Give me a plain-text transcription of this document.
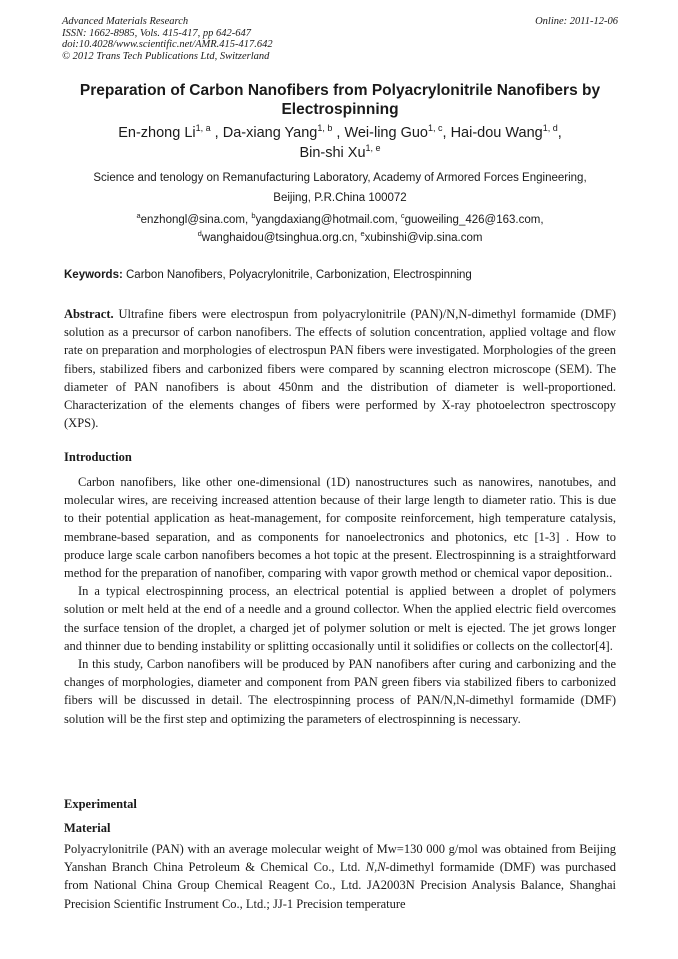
Advanced Materials Research
ISSN: 1662-8985, Vols. 415-417, pp 642-647
doi:10.4028/www.scientific.net/AMR.415-417.642
© 2012 Trans Tech Publications Ltd, Switzerland
Online: 2011-12-06
Preparation of Carbon Nanofibers from Polyacrylonitrile Nanofibers by Electrospinning
En-zhong Li$^{1, a}$ , Da-xiang Yang$^{1, b}$ , Wei-ling Guo$^{1, c}$, Hai-dou Wang$^{1, d}$,
Bin-shi Xu$^{1, e}$
Science and tenology on Remanufacturing Laboratory, Academy of Armored Forces Engineering,
Beijing, P.R.China 100072
$^a$enzhongl@sina.com, $^b$yangdaxiang@hotmail.com, $^c$guoweiling_426@163.com,
$^d$wanghaidou@tsinghua.org.cn, $^e$xubinshi@vip.sina.com
Keywords: Carbon Nanofibers, Polyacrylonitrile, Carbonization, Electrospinning
Abstract. Ultrafine fibers were electrospun from polyacrylonitrile (PAN)/N,N-dimethyl formamide (DMF) solution as a precursor of carbon nanofibers. The effects of solution concentration, applied voltage and flow rate on preparation and morphologies of electrospun PAN fibers were investigated. Morphologies of the green fibers, stabilized fibers and carbonized fibers were compared by scanning electron microscope (SEM). The diameter of PAN nanofibers is about 450nm and the distribution of diameter is well-proportioned. Characterization of the elements changes of fibers were performed by X-ray photoelectron spectroscopy (XPS).
Introduction

Carbon nanofibers, like other one-dimensional (1D) nanostructures such as nanowires, nanotubes, and molecular wires, are receiving increased attention because of their large length to diameter ratio. This is due to their potential application as heat-management, for composite reinforcement, high temperature catalysis, membrane-based separation, and as components for nanoelectronics and photonics, etc [1-3] . How to produce large scale carbon nanofibers becomes a hot topic at the present. Electrospinning is a straightforward method for the preparation of nanofiber, comparing with vapor growth method or chemical vapor deposition..

In a typical electrospinning process, an electrical potential is applied between a droplet of polymers solution or melt held at the end of a needle and a ground collector. When the applied electric field overcomes the surface tension of the droplet, a charged jet of polymer solution or melt is ejected. The jet grows longer and thinner due to bending instability or splitting occasionally until it solidifies or collects on the collector[4].

In this study, Carbon nanofibers will be produced by PAN nanofibers after curing and carbonizing and the changes of morphologies, diameter and component from PAN green fibers via stabilized fibers to carbonized fibers will be discussed in detail. The electrospinning process of PAN/N,N-dimethyl formamide (DMF) solution will be the first step and optimizing the parameters of electrospinning is necessary.

Experimental
Material
Polyacrylonitrile (PAN) with an average molecular weight of Mw=130 000 g/mol was obtained from Beijing Yanshan Branch China Petroleum & Chemical Co., Ltd. N,N-dimethyl formamide (DMF) was purchased from National China Group Chemical Reagent Co., Ltd. JA2003N Precision Analysis Balance, Shanghai Precision Scientific Instrument Co., Ltd.; JJ-1 Precision temperature
